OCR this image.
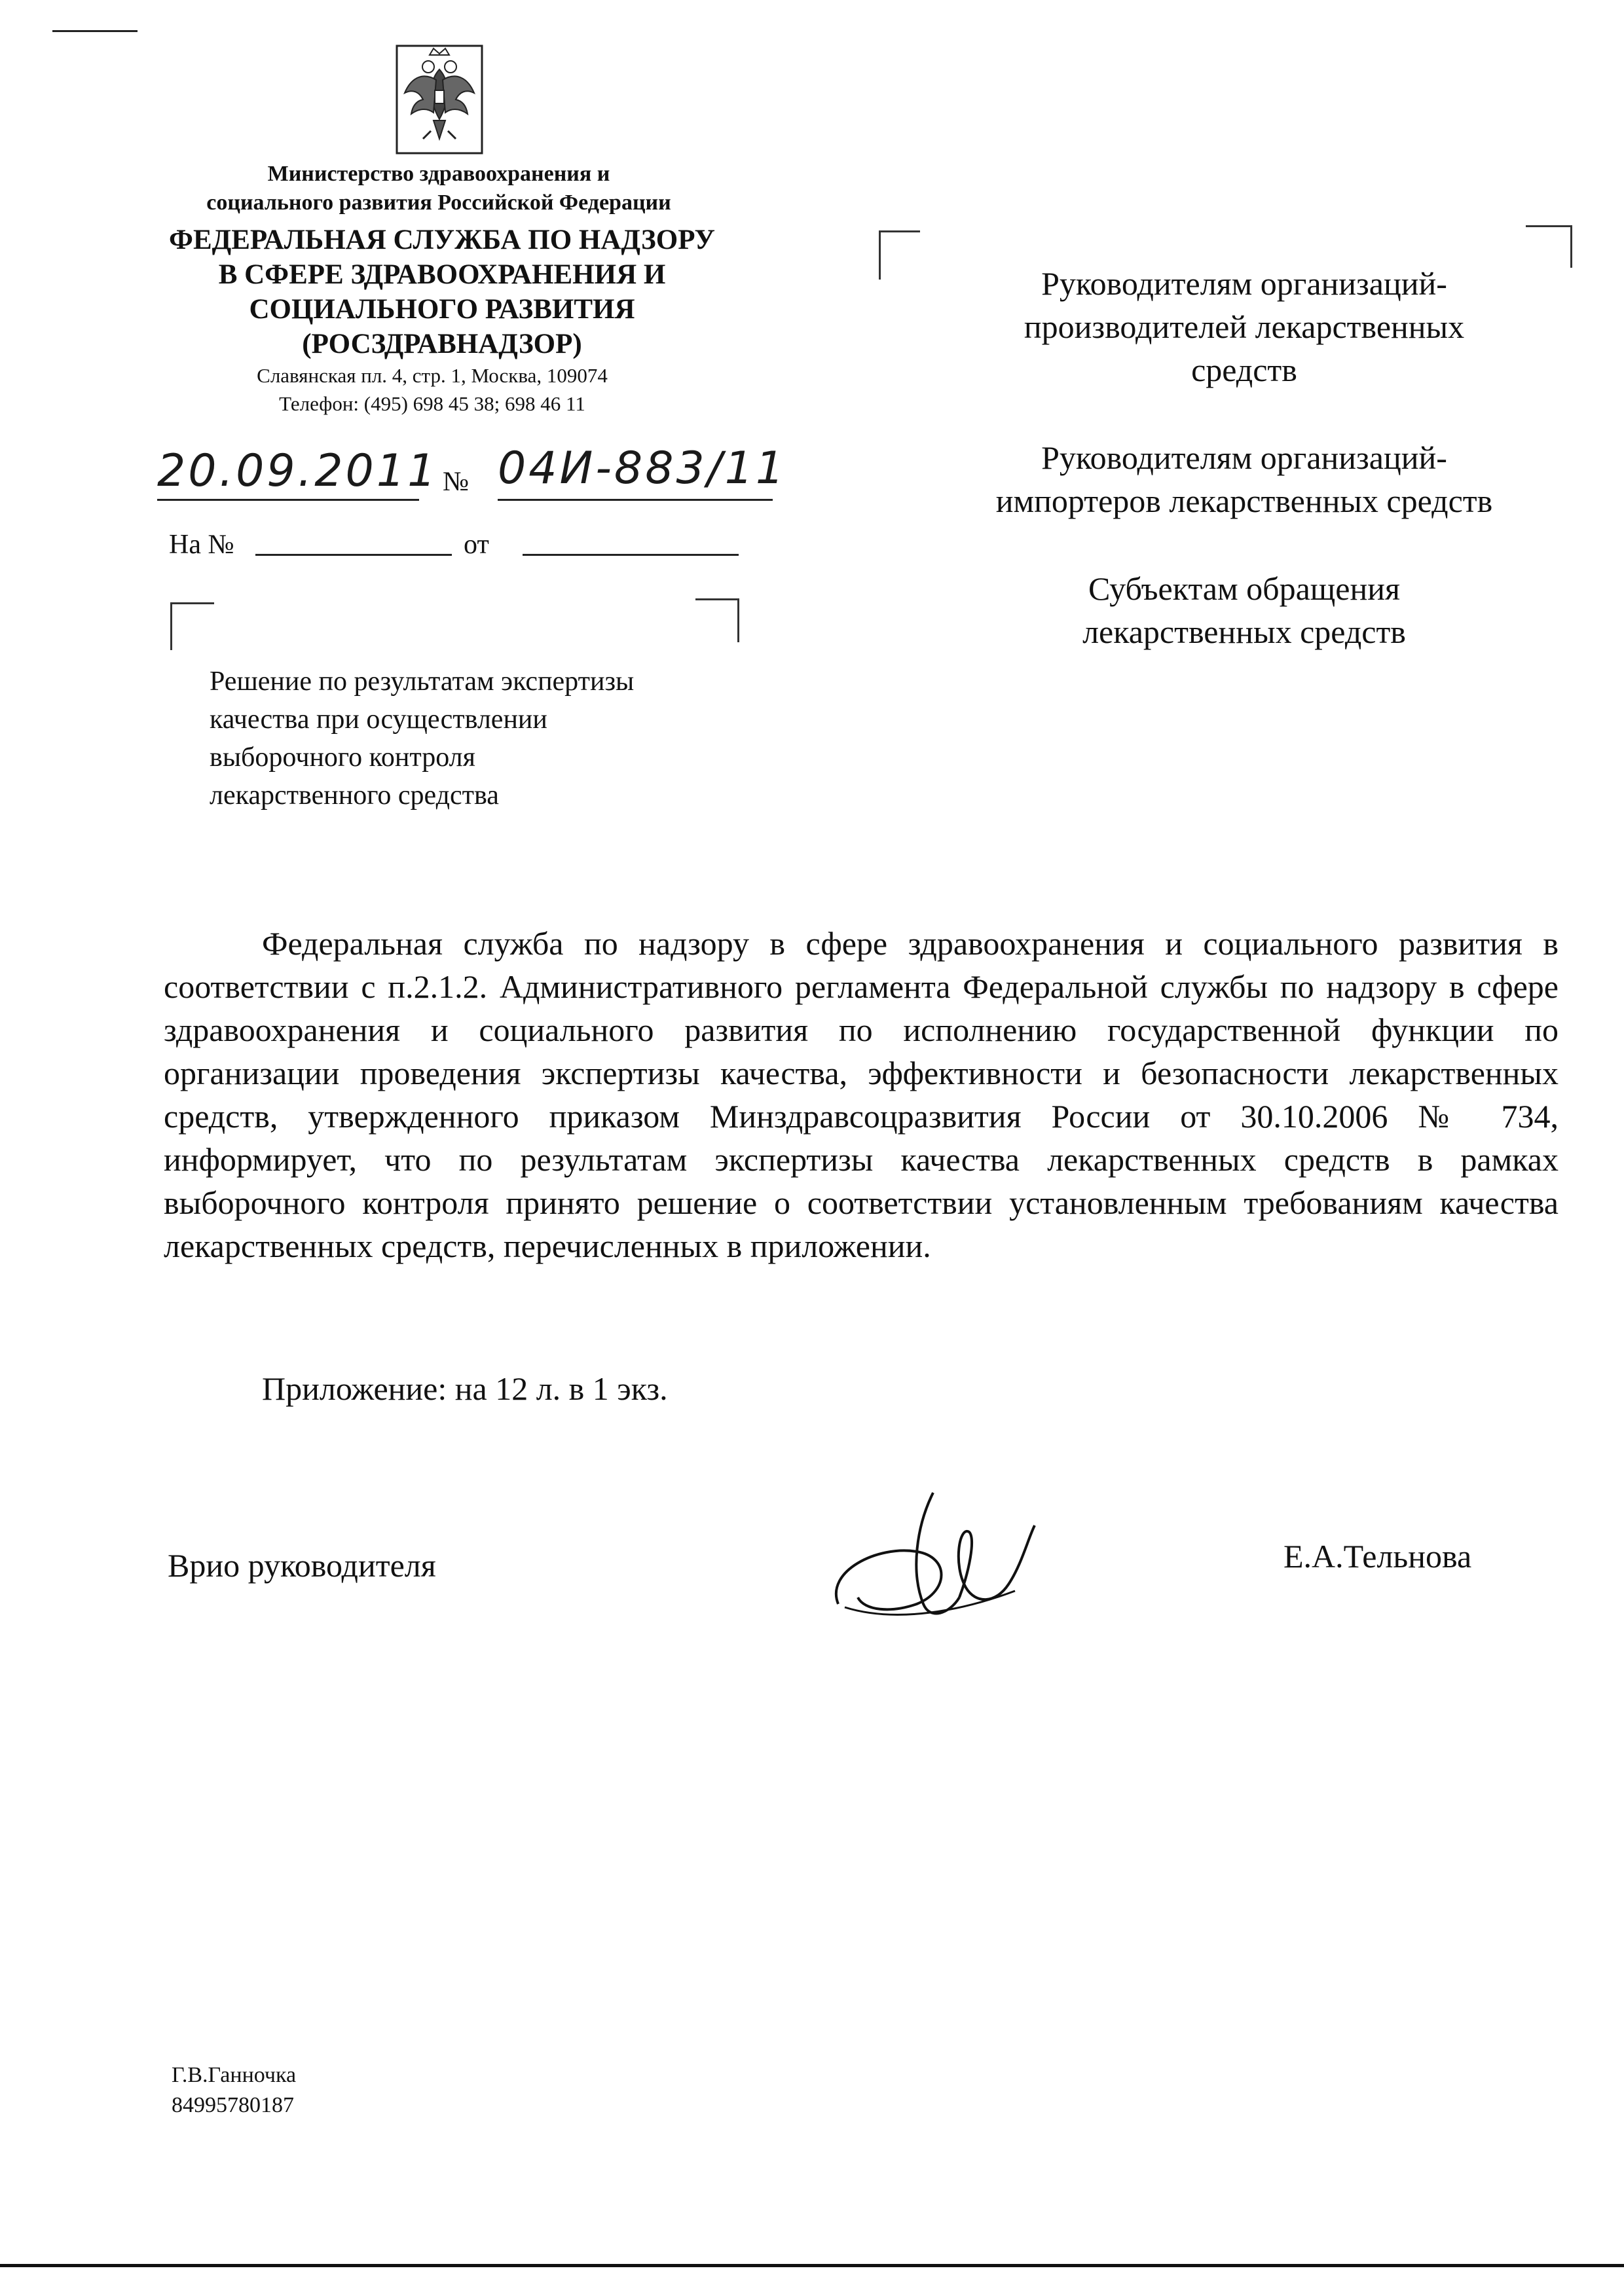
Министерство здравоохранения и
социального развития Российской Федерации
ФЕДЕРАЛЬНАЯ СЛУЖБА ПО НАДЗОРУ
В СФЕРЕ ЗДРАВООХРАНЕНИЯ И
СОЦИАЛЬНОГО РАЗВИТИЯ
(РОСЗДРАВНАДЗОР)
Славянская пл. 4, стр. 1, Москва, 109074
Телефон: (495) 698 45 38; 698 46 11
20.09.2011 № 04И-883/11
На №	от
Решение по результатам экспертизы
качества при осуществлении
выборочного контроля
лекарственного средства
Руководителям организаций-
производителей лекарственных
средств
Руководителям организаций-
импортеров лекарственных средств
Субъектам обращения
лекарственных средств
Федеральная служба по надзору в сфере здравоохранения и социального развития в соответствии с п.2.1.2. Административного регламента Федеральной службы по надзору в сфере здравоохранения и социального развития по исполнению государственной функции по организации проведения экспертизы качества, эффективности и безопасности лекарственных средств, утвержденного приказом Минздравсоцразвития России от 30.10.2006 № 734, информирует, что по результатам экспертизы качества лекарственных средств в рамках выборочного контроля принято решение о соответствии установленным требованиям качества лекарственных средств, перечисленных в приложении.
Приложение: на 12 л. в 1 экз.
Врио руководителя	Е.А.Тельнова
Г.В.Ганночка
84995780187
